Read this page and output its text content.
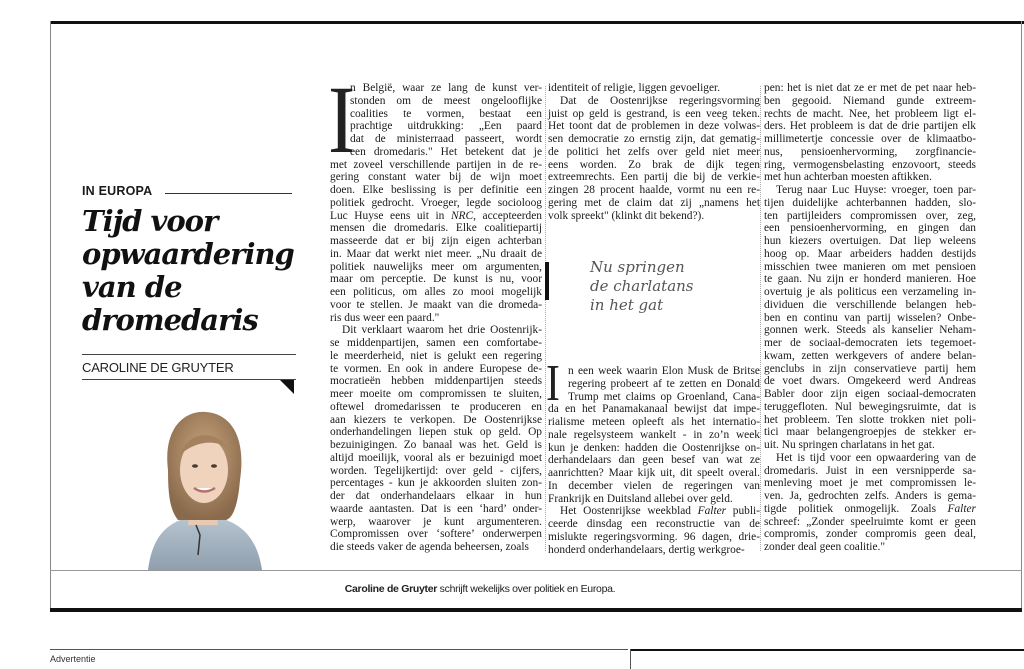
IN EUROPA
Tijd voor
opwaardering
van de
dromedaris
CAROLINE DE GRUYTER
I
n België, waar ze lang de kunst ver-
stonden om de meest ongelooflijke
coalities te vormen, bestaat een
prachtige uitdrukking: „Een paard
dat de ministerraad passeert, wordt
een dromedaris." Het betekent dat je
met zoveel verschillende partijen in de re-
gering constant water bij de wijn moet
doen. Elke beslissing is per definitie een
politiek gedrocht. Vroeger, legde socioloog
Luc Huyse eens uit in NRC, accepteerden
mensen die dromedaris. Elke coalitiepartij
masseerde dat er bij zijn eigen achterban
in. Maar dat werkt niet meer. „Nu draait de
politiek nauwelijks meer om argumenten,
maar om perceptie. De kunst is nu, voor
een politicus, om alles zo mooi mogelijk
voor te stellen. Je maakt van die dromeda-
ris dus weer een paard."
Dit verklaart waarom het drie Oostenrijk-
se middenpartijen, samen een comfortabe-
le meerderheid, niet is gelukt een regering
te vormen. En ook in andere Europese de-
mocratieën hebben middenpartijen steeds
meer moeite om compromissen te sluiten,
oftewel dromedarissen te produceren en
aan kiezers te verkopen. De Oostenrijkse
onderhandelingen liepen stuk op geld. Op
bezuinigingen. Zo banaal was het. Geld is
altijd moeilijk, vooral als er bezuinigd moet
worden. Tegelijkertijd: over geld - cijfers,
percentages - kun je akkoorden sluiten zon-
der dat onderhandelaars elkaar in hun
waarde aantasten. Dat is een ‘hard’ onder-
werp, waarover je kunt argumenteren.
Compromissen over ‘softere’ onderwerpen
die steeds vaker de agenda beheersen, zoals
identiteit of religie, liggen gevoeliger.
Dat de Oostenrijkse regeringsvorming
juist op geld is gestrand, is een veeg teken.
Het toont dat de problemen in deze volwas-
sen democratie zo ernstig zijn, dat gematig-
de politici het zelfs over geld niet meer
eens worden. Zo brak de dijk tegen
extreemrechts. Een partij die bij de verkie-
zingen 28 procent haalde, vormt nu een re-
gering met de claim dat zij „namens het
volk spreekt" (klinkt dit bekend?).
Nu springen
de charlatans
in het gat
I n een week waarin Elon Musk de Britse
regering probeert af te zetten en Donald
Trump met claims op Groenland, Cana-
da en het Panamakanaal bewijst dat impe-
rialisme meteen opleeft als het internatio-
nale regelsysteem wankelt - in zo’n week
kun je denken: hadden die Oostenrijkse on-
derhandelaars dan geen besef van wat ze
aanrichtten? Maar kijk uit, dit speelt overal.
In december vielen de regeringen van
Frankrijk en Duitsland allebei over geld.
Het Oostenrijkse weekblad Falter publi-
ceerde dinsdag een reconstructie van de
mislukte regeringsvorming. 96 dagen, drie-
honderd onderhandelaars, dertig werkgroe-
pen: het is niet dat ze er met de pet naar heb-
ben gegooid. Niemand gunde extreem-
rechts de macht. Nee, het probleem ligt el-
ders. Het probleem is dat de drie partijen elk
millimetertje concessie over de klimaatbo-
nus, pensioenhervorming, zorgfinancie-
ring, vermogensbelasting enzovoort, steeds
met hun achterban moesten aftikken.
Terug naar Luc Huyse: vroeger, toen par-
tijen duidelijke achterbannen hadden, slo-
ten partijleiders compromissen over, zeg,
een pensioenhervorming, en gingen dan
hun kiezers overtuigen. Dat liep weleens
hoog op. Maar arbeiders hadden destijds
misschien twee manieren om met pensioen
te gaan. Nu zijn er honderd manieren. Hoe
overtuig je als politicus een verzameling in-
dividuen die verschillende belangen heb-
ben en continu van partij wisselen? Onbe-
gonnen werk. Steeds als kanselier Neham-
mer de sociaal-democraten iets tegemoet-
kwam, zetten werkgevers of andere belan-
genclubs in zijn conservatieve partij hem
de voet dwars. Omgekeerd werd Andreas
Babler door zijn eigen sociaal-democraten
teruggefloten. Nul bewegingsruimte, dat is
het probleem. Ten slotte trokken niet poli-
tici maar belangengroepjes de stekker er-
uit. Nu springen charlatans in het gat.
Het is tijd voor een opwaardering van de
dromedaris. Juist in een versnipperde sa-
menleving moet je met compromissen le-
ven. Ja, gedrochten zelfs. Anders is gema-
tigde politiek onmogelijk. Zoals Falter
schreef: „Zonder speelruimte komt er geen
compromis, zonder compromis geen deal,
zonder deal geen coalitie."
Caroline de Gruyter schrijft wekelijks over politiek en Europa.
Advertentie
